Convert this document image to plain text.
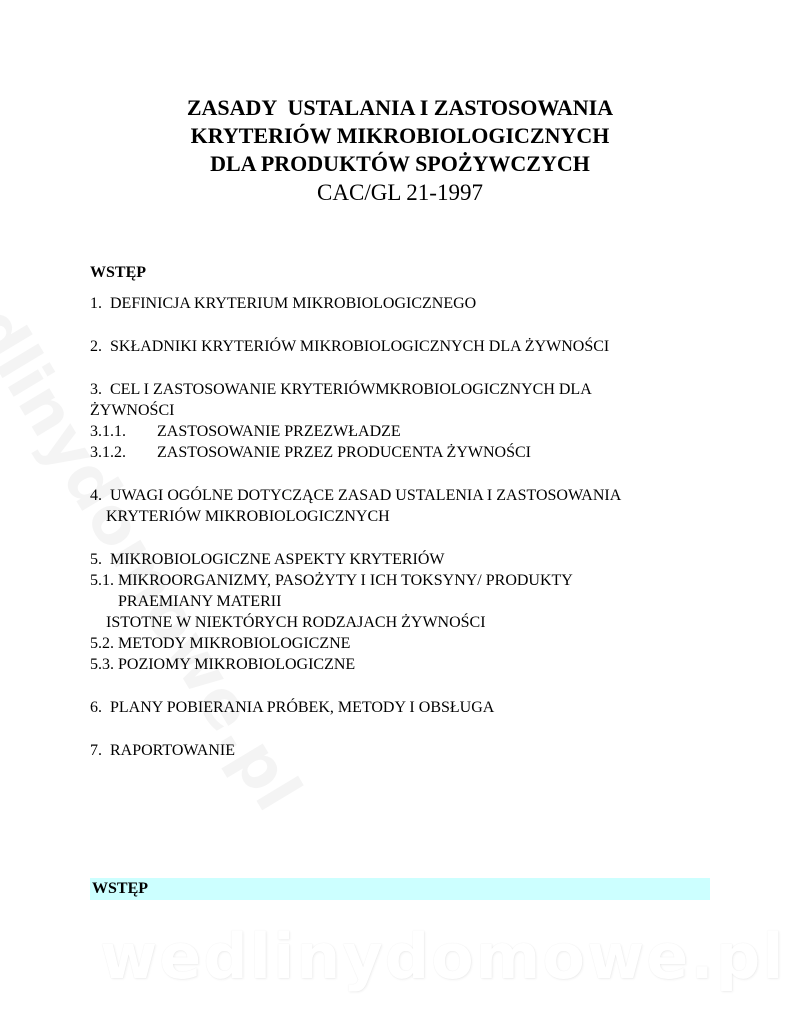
ZASADY  USTALANIA I ZASTOSOWANIA
KRYTERIÓW MIKROBIOLOGICZNYCH
DLA PRODUKTÓW SPOŻYWCZYCH
CAC/GL 21-1997
WSTĘP
1.  DEFINICJA KRYTERIUM MIKROBIOLOGICZNEGO
2.  SKŁADNIKI KRYTERIÓW MIKROBIOLOGICZNYCH DLA ŻYWNOŚCI
3.  CEL I ZASTOSOWANIE KRYTERIÓWMKROBIOLOGICZNYCH DLA
ŻYWNOŚCI
3.1.1. ZASTOSOWANIE PRZEZWŁADZE
3.1.2. ZASTOSOWANIE PRZEZ PRODUCENTA ŻYWNOŚCI
4.  UWAGI OGÓLNE DOTYCZĄCE ZASAD USTALENIA I ZASTOSOWANIA
KRYTERIÓW MIKROBIOLOGICZNYCH
5.  MIKROBIOLOGICZNE ASPEKTY KRYTERIÓW
5.1. MIKROORGANIZMY, PASOŻYTY I ICH TOKSYNY/ PRODUKTY
PRAEMIANY MATERII
ISTOTNE W NIEKTÓRYCH RODZAJACH ŻYWNOŚCI
5.2. METODY MIKROBIOLOGICZNE
5.3. POZIOMY MIKROBIOLOGICZNE
6.  PLANY POBIERANIA PRÓBEK, METODY I OBSŁUGA
7.  RAPORTOWANIE
WSTĘP
wedlinydomowe.pl
